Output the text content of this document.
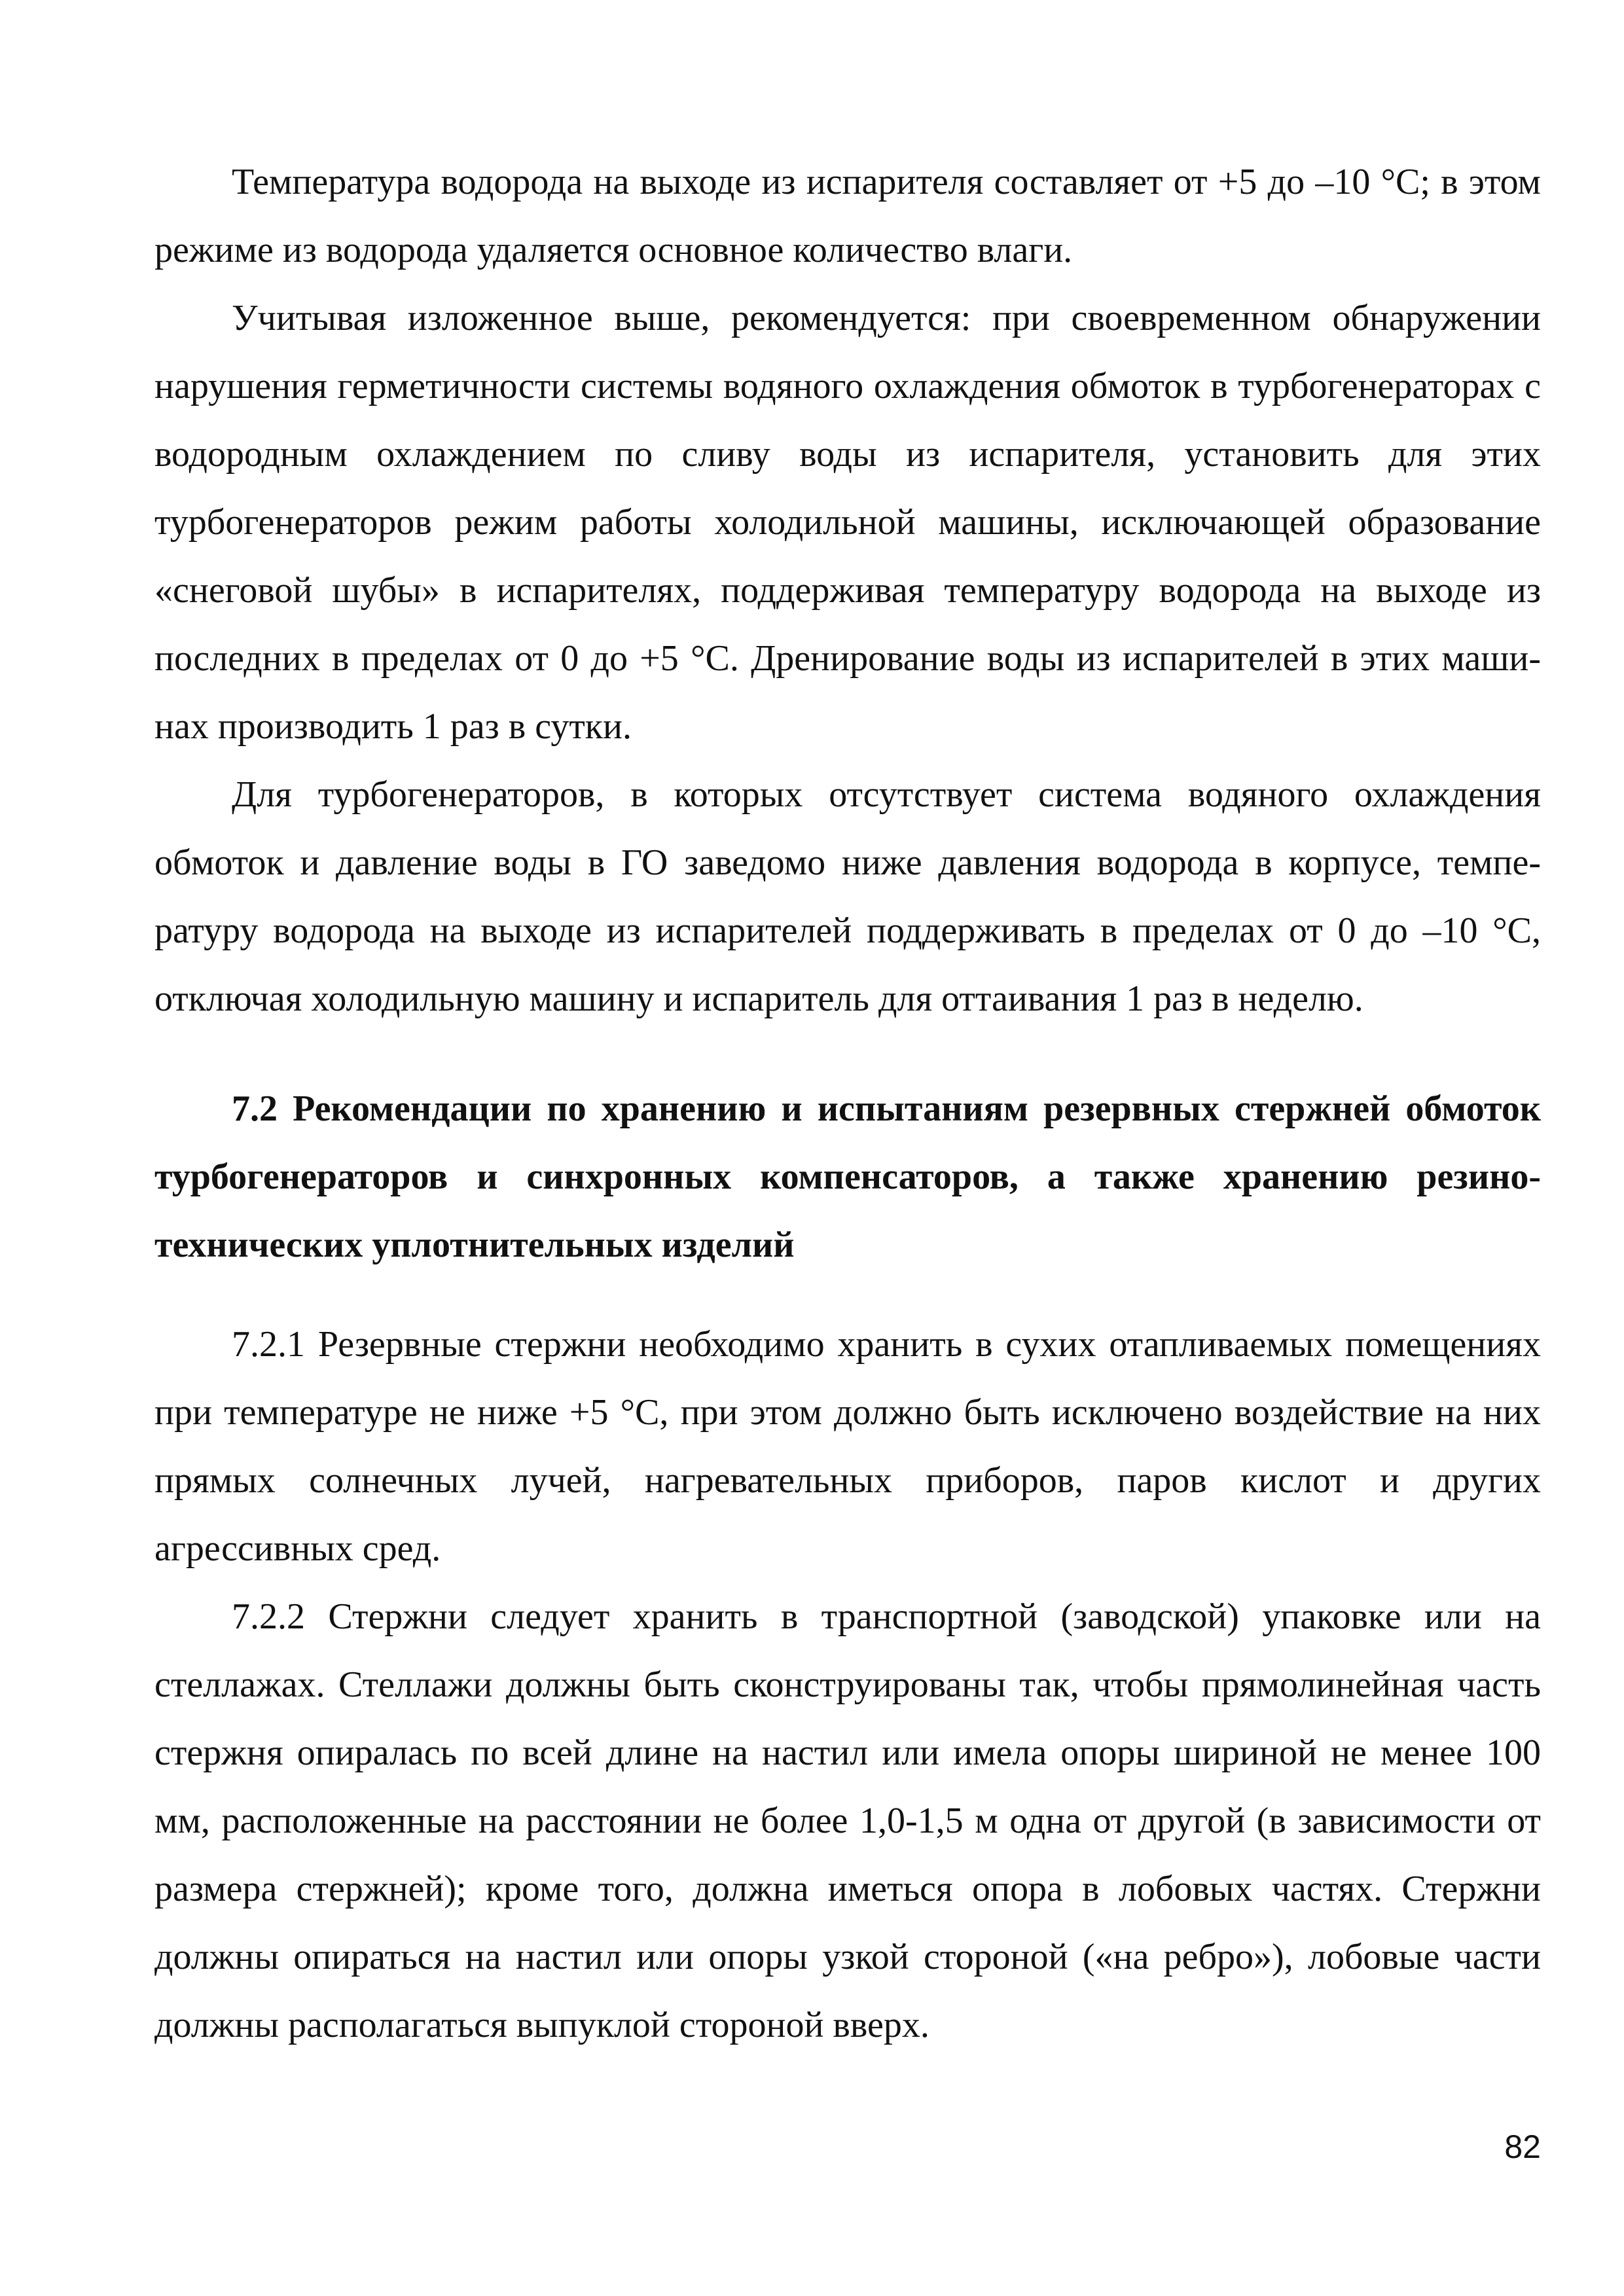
Температура водорода на выходе из испарителя составляет от +5 до –10 °С; в этом режиме из водорода удаляется основное количество влаги.

Учитывая изложенное выше, рекомендуется: при своевременном обнаружении нарушения герметичности системы водяного охлаждения обмоток в турбогенераторах с водородным охлаждением по сливу воды из испарителя, установить для этих турбогенераторов режим работы холодильной машины, исключающей образование «снеговой шубы» в испарителях, поддерживая температуру водорода на выходе из последних в пределах от 0 до +5 °С. Дренирование воды из испарителей в этих машинах производить 1 раз в сутки.

Для турбогенераторов, в которых отсутствует система водяного охлаждения обмоток и давление воды в ГО заведомо ниже давления водорода в корпусе, температуру водорода на выходе из испарителей поддерживать в пределах от 0 до –10 °С, отключая холодильную машину и испаритель для оттаивания 1 раз в неделю.

7.2 Рекомендации по хранению и испытаниям резервных стержней обмоток турбогенераторов и синхронных компенсаторов, а также хранению резинотехнических уплотнительных изделий

7.2.1 Резервные стержни необходимо хранить в сухих отапливаемых помещениях при температуре не ниже +5 °С, при этом должно быть исключено воздействие на них прямых солнечных лучей, нагревательных приборов, паров кислот и других агрессивных сред.

7.2.2 Стержни следует хранить в транспортной (заводской) упаковке или на стеллажах. Стеллажи должны быть сконструированы так, чтобы прямолинейная часть стержня опиралась по всей длине на настил или имела опоры шириной не менее 100 мм, расположенные на расстоянии не более 1,0-1,5 м одна от другой (в зависимости от размера стержней); кроме того, должна иметься опора в лобовых частях. Стержни должны опираться на настил или опоры узкой стороной («на ребро»), лобовые части должны располагаться выпуклой стороной вверх.

82
